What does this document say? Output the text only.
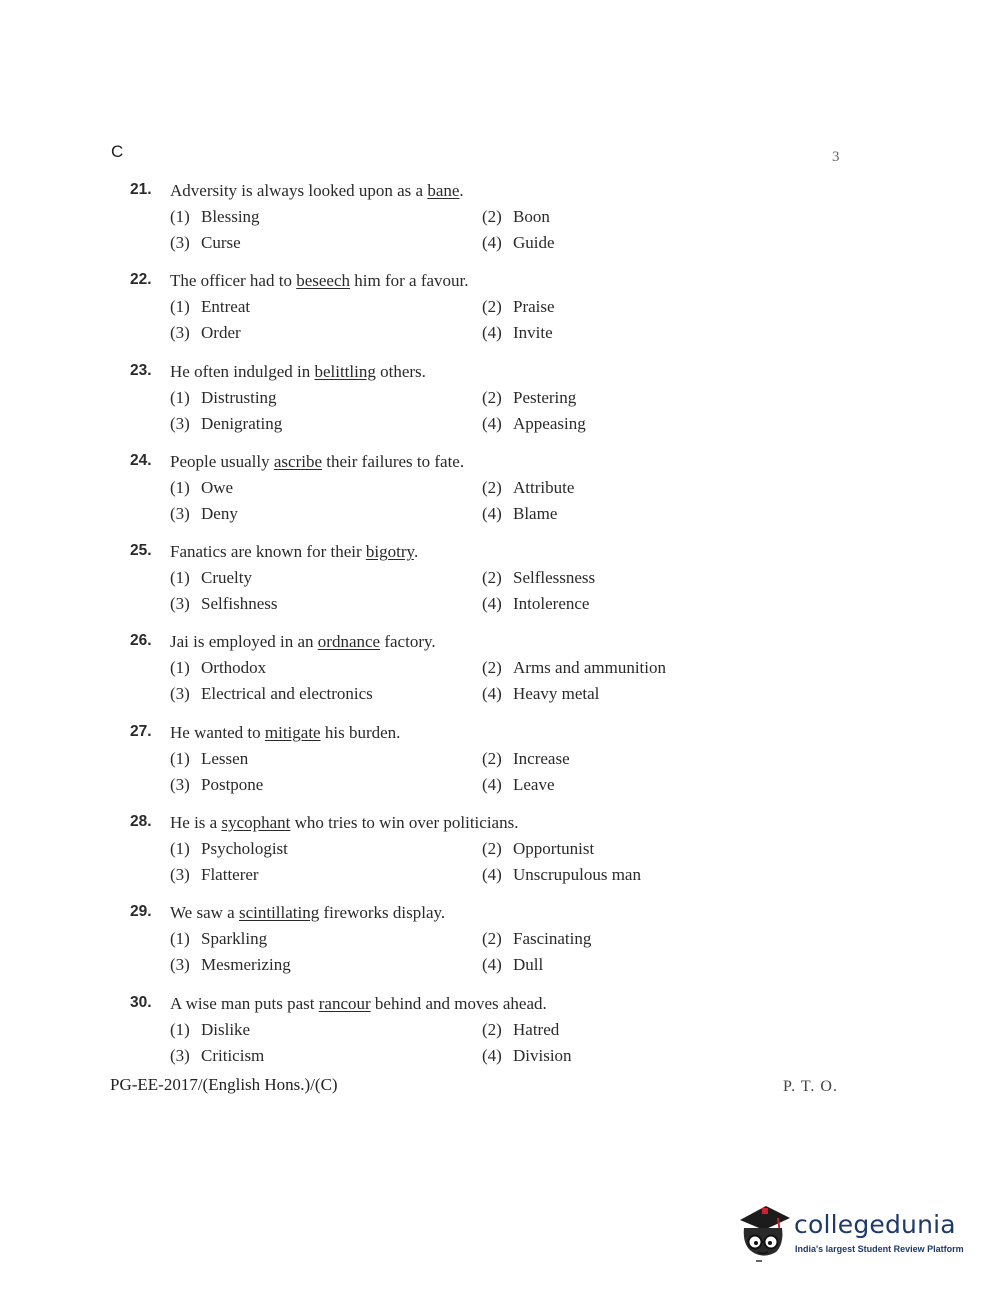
C	3
21. Adversity is always looked upon as a bane.
(1) Blessing	(2) Boon
(3) Curse	(4) Guide
22. The officer had to beseech him for a favour.
(1) Entreat	(2) Praise
(3) Order	(4) Invite
23. He often indulged in belittling others.
(1) Distrusting	(2) Pestering
(3) Denigrating	(4) Appeasing
24. People usually ascribe their failures to fate.
(1) Owe	(2) Attribute
(3) Deny	(4) Blame
25. Fanatics are known for their bigotry.
(1) Cruelty	(2) Selflessness
(3) Selfishness	(4) Intolerence
26. Jai is employed in an ordnance factory.
(1) Orthodox	(2) Arms and ammunition
(3) Electrical and electronics	(4) Heavy metal
27. He wanted to mitigate his burden.
(1) Lessen	(2) Increase
(3) Postpone	(4) Leave
28. He is a sycophant who tries to win over politicians.
(1) Psychologist	(2) Opportunist
(3) Flatterer	(4) Unscrupulous man
29. We saw a scintillating fireworks display.
(1) Sparkling	(2) Fascinating
(3) Mesmerizing	(4) Dull
30. A wise man puts past rancour behind and moves ahead.
(1) Dislike	(2) Hatred
(3) Criticism	(4) Division
PG-EE-2017/(English Hons.)/(C)	P. T. O.
collegedunia
India's largest Student Review Platform
